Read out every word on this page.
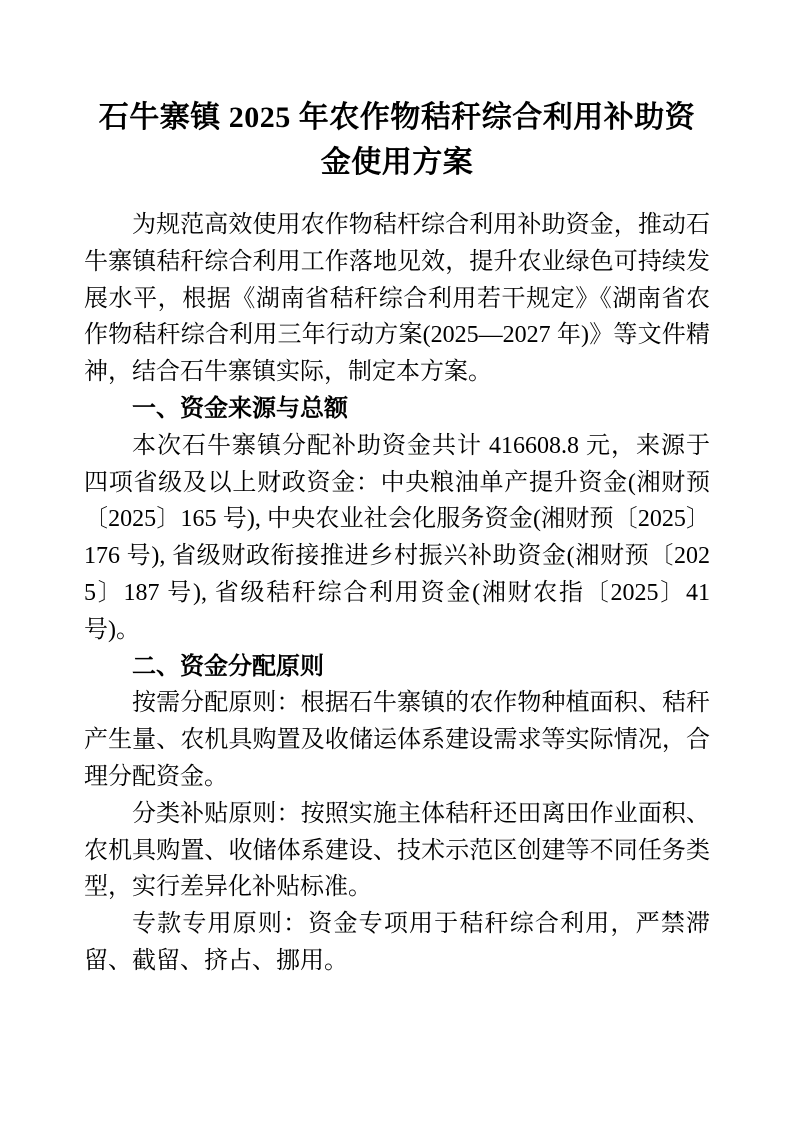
石牛寨镇 2025 年农作物秸秆综合利用补助资金使用方案

为规范高效使用农作物秸杆综合利用补助资金，推动石牛寨镇秸秆综合利用工作落地见效，提升农业绿色可持续发展水平，根据《湖南省秸秆综合利用若干规定》《湖南省农作物秸秆综合利用三年行动方案(2025—2027 年)》等文件精神，结合石牛寨镇实际，制定本方案。

一、资金来源与总额

本次石牛寨镇分配补助资金共计 416608.8 元，来源于四项省级及以上财政资金：中央粮油单产提升资金(湘财预〔2025〕165 号), 中央农业社会化服务资金(湘财预〔2025〕176 号), 省级财政衔接推进乡村振兴补助资金(湘财预〔2025〕187 号), 省级秸秆综合利用资金(湘财农指〔2025〕41 号)。

二、资金分配原则

按需分配原则：根据石牛寨镇的农作物种植面积、秸秆产生量、农机具购置及收储运体系建设需求等实际情况，合理分配资金。

分类补贴原则：按照实施主体秸秆还田离田作业面积、农机具购置、收储体系建设、技术示范区创建等不同任务类型，实行差异化补贴标准。

专款专用原则：资金专项用于秸秆综合利用，严禁滞留、截留、挤占、挪用。
